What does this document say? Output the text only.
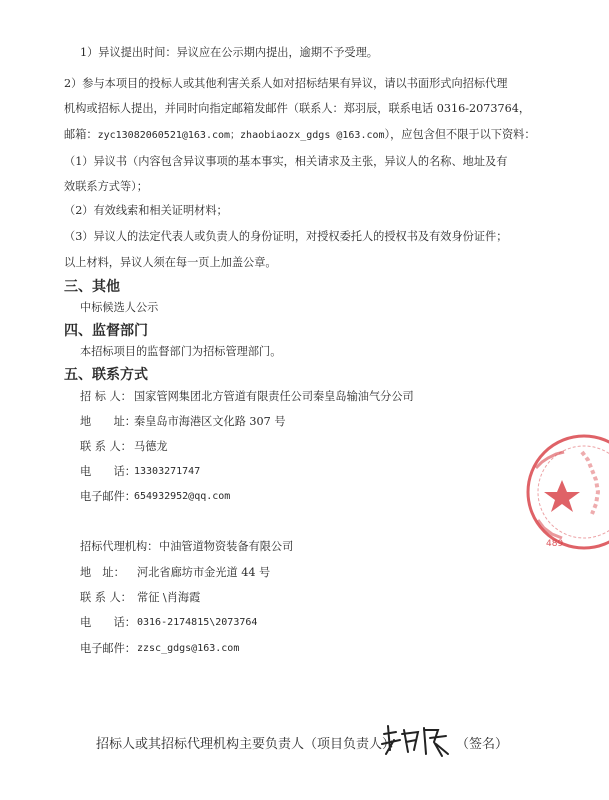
1）异议提出时间：异议应在公示期内提出，逾期不予受理。
2）参与本项目的投标人或其他利害关系人如对招标结果有异议，请以书面形式向招标代理
机构或招标人提出，并同时向指定邮箱发邮件（联系人：郑羽辰，联系电话 0316-2073764，
邮箱：zyc13082060521@163.com；zhaobiaozx_gdgs @163.com），应包含但不限于以下资料：
（1）异议书（内容包含异议事项的基本事实，相关请求及主张，异议人的名称、地址及有
效联系方式等）；
（2）有效线索和相关证明材料；
（3）异议人的法定代表人或负责人的身份证明，对授权委托人的授权书及有效身份证件；
以上材料，异议人须在每一页上加盖公章。
三、其他
中标候选人公示
四、监督部门
本招标项目的监督部门为招标管理部门。
五、联系方式
招 标 人： 国家管网集团北方管道有限责任公司秦皇岛输油气分公司
地　　址：
秦皇岛市海港区文化路 307 号
联 系 人： 马德龙
电　　话：
13303271747
电子邮件：
654932952@qq.com
招标代理机构： 中油管道物资装备有限公司
地　址： 河北省廊坊市金光道 44 号
联 系 人： 常征 \肖海霞
电　　话： 0316-2174815\2073764
电子邮件： zzsc_gdgs@163.com
489
招标人或其招标代理机构主要负责人（项目负责人）：	（签名）
